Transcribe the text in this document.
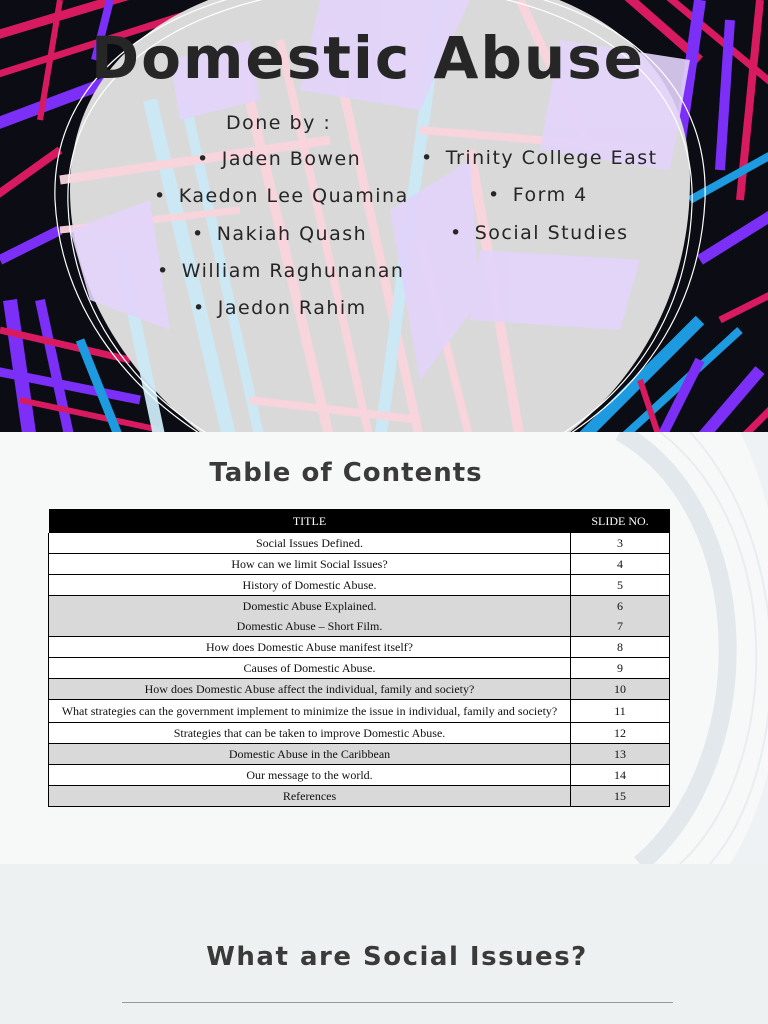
Domestic Abuse
Done by :
• Jaden Bowen
• Kaedon Lee Quamina
• Nakiah Quash
• William Raghunanan
• Jaedon Rahim
• Trinity College East
• Form 4
• Social Studies
Table of Contents
TITLE	SLIDE NO.
Social Issues Defined.	3
How can we limit Social Issues?	4
History of Domestic Abuse.	5
Domestic Abuse Explained.	6
Domestic Abuse – Short Film.	7
How does Domestic Abuse manifest itself?	8
Causes of Domestic Abuse.	9
How does Domestic Abuse affect the individual, family and society?	10
What strategies can the government implement to minimize the issue in individual, family and society?	11
Strategies that can be taken to improve Domestic Abuse.	12
Domestic Abuse in the Caribbean	13
Our message to the world.	14
References	15
What are Social Issues?
